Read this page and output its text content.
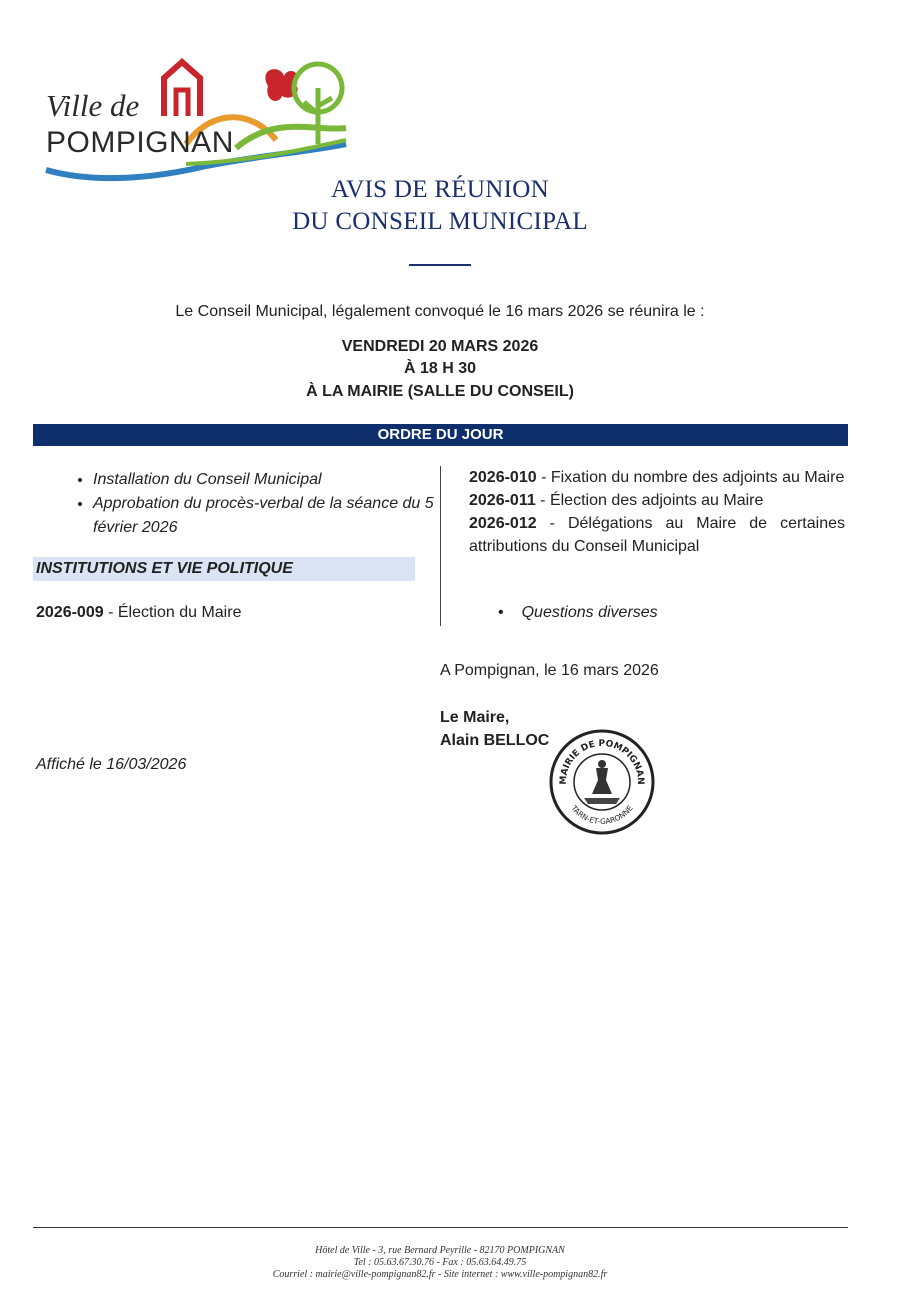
Ville de
POMPIGNAN
AVIS DE RÉUNION
DU CONSEIL MUNICIPAL
Le Conseil Municipal, légalement convoqué le 16 mars 2026 se réunira le :
VENDREDI 20 MARS 2026
À 18 H 30
À LA MAIRIE (SALLE DU CONSEIL)
ORDRE DU JOUR
• Installation du Conseil Municipal
• Approbation du procès-verbal de la séance du 5 février 2026
INSTITUTIONS ET VIE POLITIQUE
2026-009 - Élection du Maire

2026-010 - Fixation du nombre des adjoints au Maire

2026-011 - Élection des adjoints au Maire

2026-012 - Délégations au Maire de certaines attributions du Conseil Municipal

• Questions diverses
A Pompignan, le 16 mars 2026
Le Maire,
Alain BELLOC
MAIRIE DE POMPIGNAN
TARN-ET-GARONNE
Affiché le 16/03/2026
Hôtel de Ville - 3, rue Bernard Peyrille - 82170 POMPIGNAN
Tel : 05.63.67.30.76 - Fax : 05.63.64.49.75
Courriel : mairie@ville-pompignan82.fr - Site internet : www.ville-pompignan82.fr
